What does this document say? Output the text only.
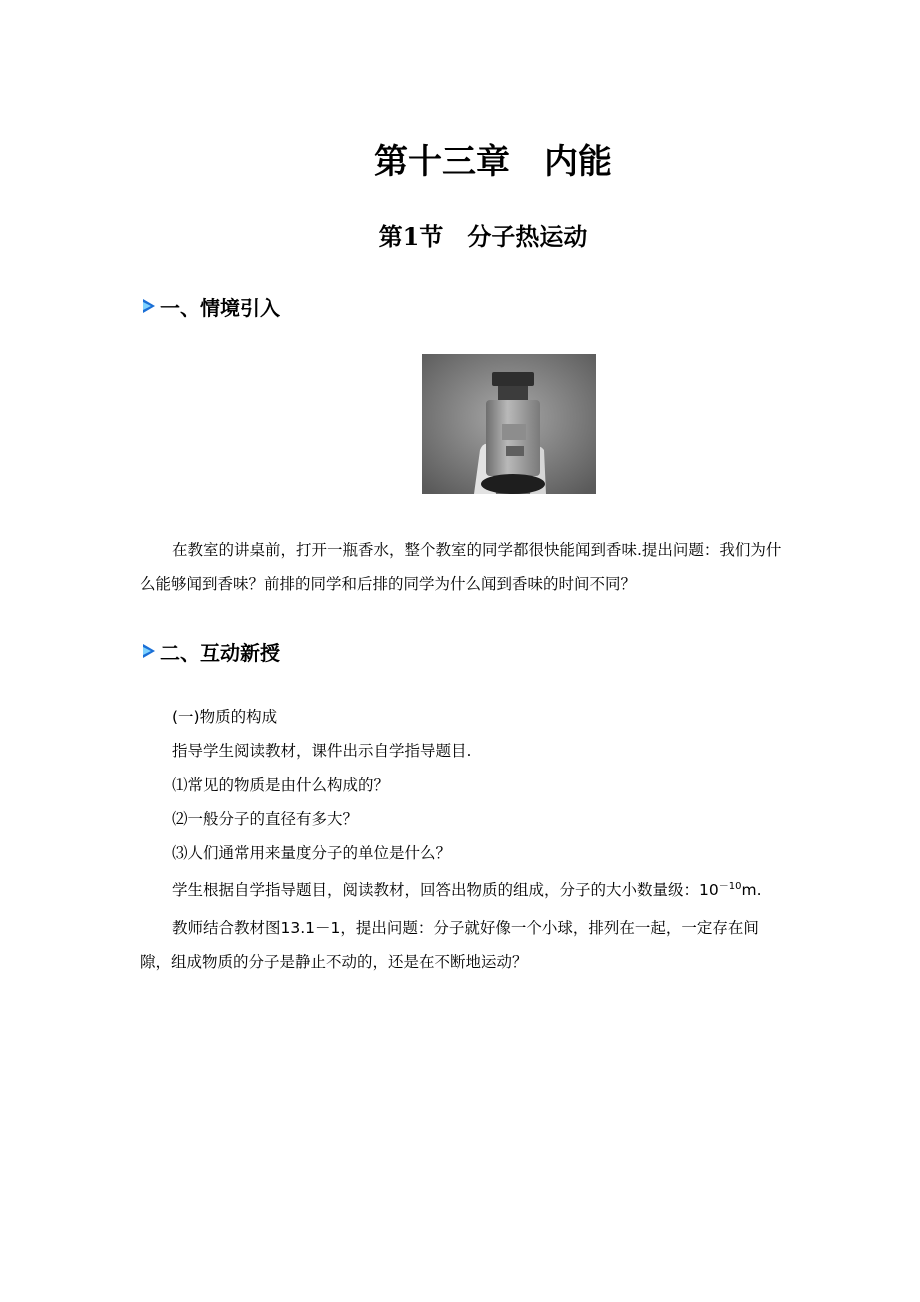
第十三章　内能
第1节　分子热运动
一、情境引入
在教室的讲桌前，打开一瓶香水，整个教室的同学都很快能闻到香味.提出问题：我们为什么能够闻到香味？前排的同学和后排的同学为什么闻到香味的时间不同？
二、互动新授
(一)物质的构成
指导学生阅读教材，课件出示自学指导题目.
⑴常见的物质是由什么构成的？
⑵一般分子的直径有多大？
⑶人们通常用来量度分子的单位是什么？
学生根据自学指导题目，阅读教材，回答出物质的组成，分子的大小数量级：$10^{-10}m$.
教师结合教材图13.1－1，提出问题：分子就好像一个小球，排列在一起，一定存在间隙，组成物质的分子是静止不动的，还是在不断地运动？
